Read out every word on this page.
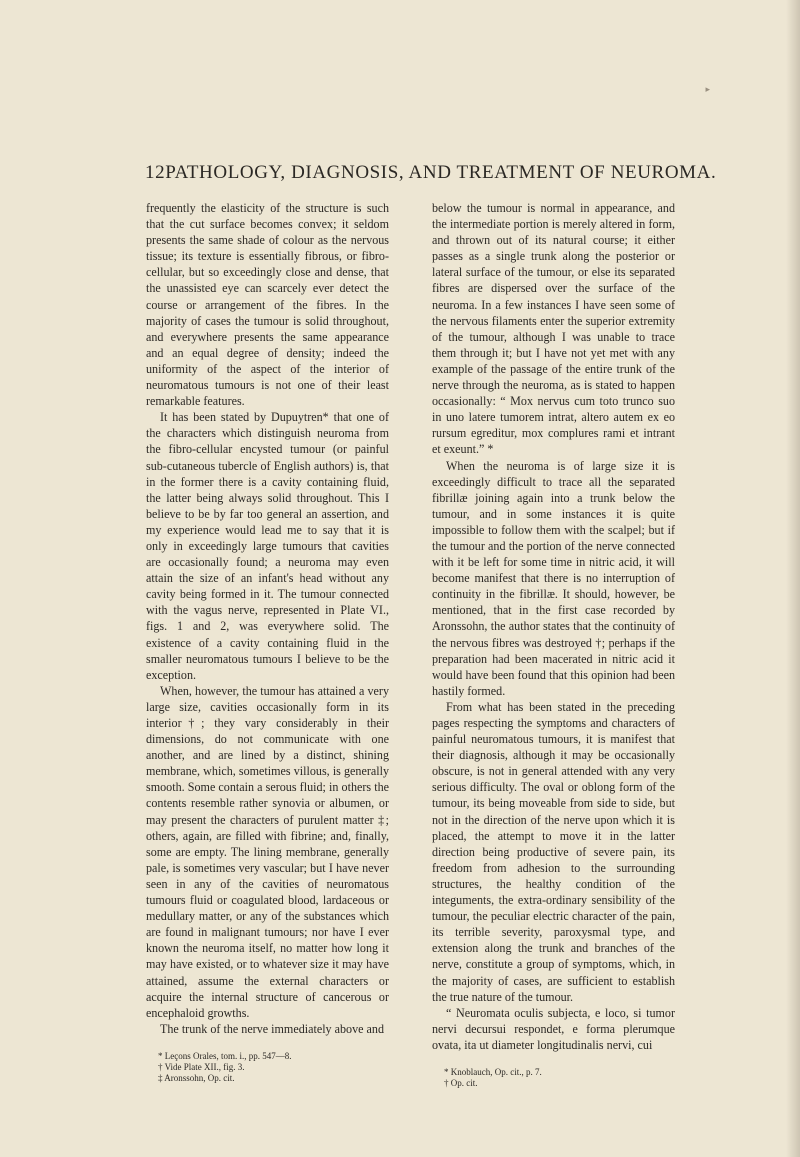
▸
12 PATHOLOGY, DIAGNOSIS, AND TREATMENT OF NEUROMA.

frequently the elasticity of the structure is such that the cut surface becomes convex; it seldom presents the same shade of colour as the nervous tissue; its texture is essentially fibrous, or fibro-cellular, but so exceedingly close and dense, that the unassisted eye can scarcely ever detect the course or arrangement of the fibres. In the majority of cases the tumour is solid throughout, and everywhere presents the same appearance and an equal degree of density; indeed the uniformity of the aspect of the interior of neuromatous tumours is not one of their least remarkable features.

It has been stated by Dupuytren* that one of the characters which distinguish neuroma from the fibro-cellular encysted tumour (or painful sub-cutaneous tubercle of English authors) is, that in the former there is a cavity containing fluid, the latter being always solid throughout. This I believe to be by far too general an assertion, and my experience would lead me to say that it is only in exceedingly large tumours that cavities are occasionally found; a neuroma may even attain the size of an infant's head without any cavity being formed in it. The tumour connected with the vagus nerve, represented in Plate VI., figs. 1 and 2, was everywhere solid. The existence of a cavity containing fluid in the smaller neuromatous tumours I believe to be the exception.

When, however, the tumour has attained a very large size, cavities occasionally form in its interior†; they vary considerably in their dimensions, do not communicate with one another, and are lined by a distinct, shining membrane, which, sometimes villous, is generally smooth. Some contain a serous fluid; in others the contents resemble rather synovia or albumen, or may present the characters of purulent matter ‡; others, again, are filled with fibrine; and, finally, some are empty. The lining membrane, generally pale, is sometimes very vascular; but I have never seen in any of the cavities of neuromatous tumours fluid or coagulated blood, lardaceous or medullary matter, or any of the substances which are found in malignant tumours; nor have I ever known the neuroma itself, no matter how long it may have existed, or to whatever size it may have attained, assume the external characters or acquire the internal structure of cancerous or encephaloid growths.

The trunk of the nerve immediately above and

* Leçons Orales, tom. i., pp. 547—8.
† Vide Plate XII., fig. 3.
‡ Aronssohn, Op. cit.

below the tumour is normal in appearance, and the intermediate portion is merely altered in form, and thrown out of its natural course; it either passes as a single trunk along the posterior or lateral surface of the tumour, or else its separated fibres are dispersed over the surface of the neuroma. In a few instances I have seen some of the nervous filaments enter the superior extremity of the tumour, although I was unable to trace them through it; but I have not yet met with any example of the passage of the entire trunk of the nerve through the neuroma, as is stated to happen occasionally: “ Mox nervus cum toto trunco suo in uno latere tumorem intrat, altero autem ex eo rursum egreditur, mox complures rami et intrant et exeunt.” *

When the neuroma is of large size it is exceedingly difficult to trace all the separated fibrillæ joining again into a trunk below the tumour, and in some instances it is quite impossible to follow them with the scalpel; but if the tumour and the portion of the nerve connected with it be left for some time in nitric acid, it will become manifest that there is no interruption of continuity in the fibrillæ. It should, however, be mentioned, that in the first case recorded by Aronssohn, the author states that the continuity of the nervous fibres was destroyed †; perhaps if the preparation had been macerated in nitric acid it would have been found that this opinion had been hastily formed.

From what has been stated in the preceding pages respecting the symptoms and characters of painful neuromatous tumours, it is manifest that their diagnosis, although it may be occasionally obscure, is not in general attended with any very serious difficulty. The oval or oblong form of the tumour, its being moveable from side to side, but not in the direction of the nerve upon which it is placed, the attempt to move it in the latter direction being productive of severe pain, its freedom from adhesion to the surrounding structures, the healthy condition of the integuments, the extra-ordinary sensibility of the tumour, the peculiar electric character of the pain, its terrible severity, paroxysmal type, and extension along the trunk and branches of the nerve, constitute a group of symptoms, which, in the majority of cases, are sufficient to establish the true nature of the tumour.

“ Neuromata oculis subjecta, e loco, si tumor nervi decursui respondet, e forma plerumque ovata, ita ut diameter longitudinalis nervi, cui

* Knoblauch, Op. cit., p. 7.
† Op. cit.
